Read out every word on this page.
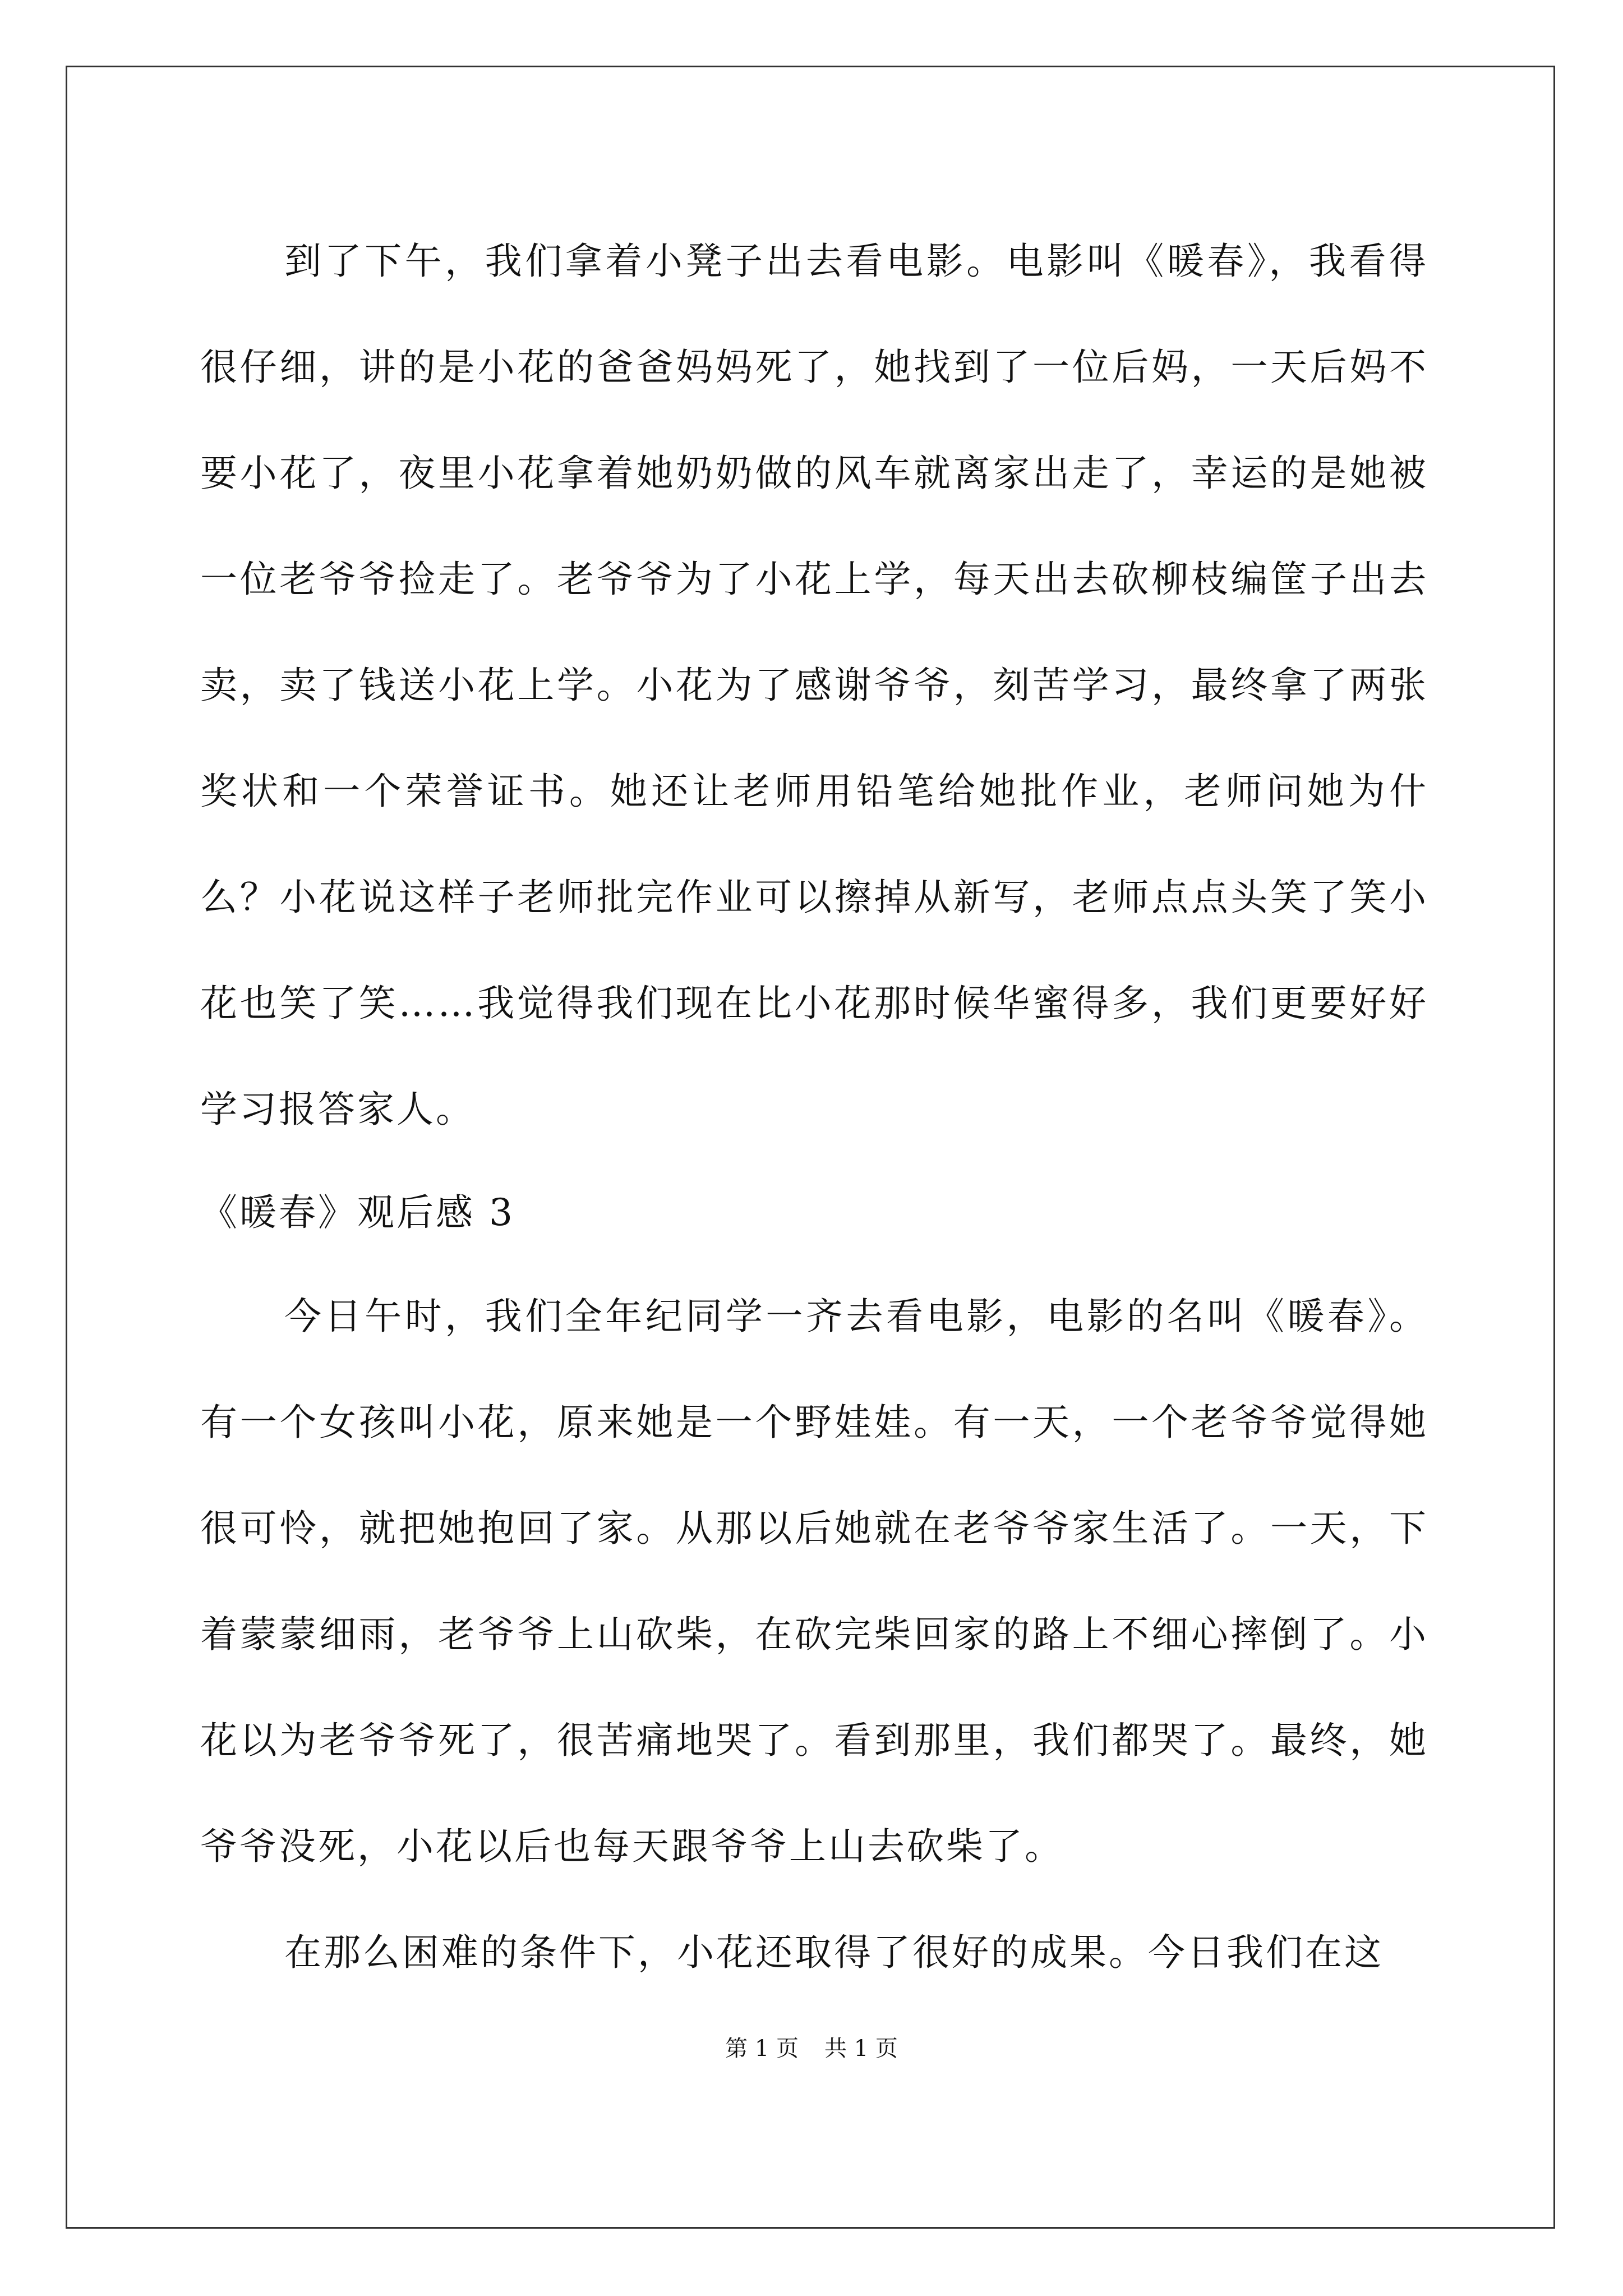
到了下午，我们拿着小凳子出去看电影。电影叫《暖春》，我看得很仔细，讲的是小花的爸爸妈妈死了，她找到了一位后妈，一天后妈不要小花了，夜里小花拿着她奶奶做的风车就离家出走了，幸运的是她被一位老爷爷捡走了。老爷爷为了小花上学，每天出去砍柳枝编筐子出去卖，卖了钱送小花上学。小花为了感谢爷爷，刻苦学习，最终拿了两张奖状和一个荣誉证书。她还让老师用铅笔给她批作业，老师问她为什么？小花说这样子老师批完作业可以擦掉从新写，老师点点头笑了笑小花也笑了笑……我觉得我们现在比小花那时候华蜜得多，我们更要好好学习报答家人。

《暖春》观后感 3

今日午时，我们全年纪同学一齐去看电影，电影的名叫《暖春》。有一个女孩叫小花，原来她是一个野娃娃。有一天，一个老爷爷觉得她很可怜，就把她抱回了家。从那以后她就在老爷爷家生活了。一天，下着蒙蒙细雨，老爷爷上山砍柴，在砍完柴回家的路上不细心摔倒了。小花以为老爷爷死了，很苦痛地哭了。看到那里，我们都哭了。最终，她爷爷没死，小花以后也每天跟爷爷上山去砍柴了。

在那么困难的条件下，小花还取得了很好的成果。今日我们在这

第 1 页 共 1 页
